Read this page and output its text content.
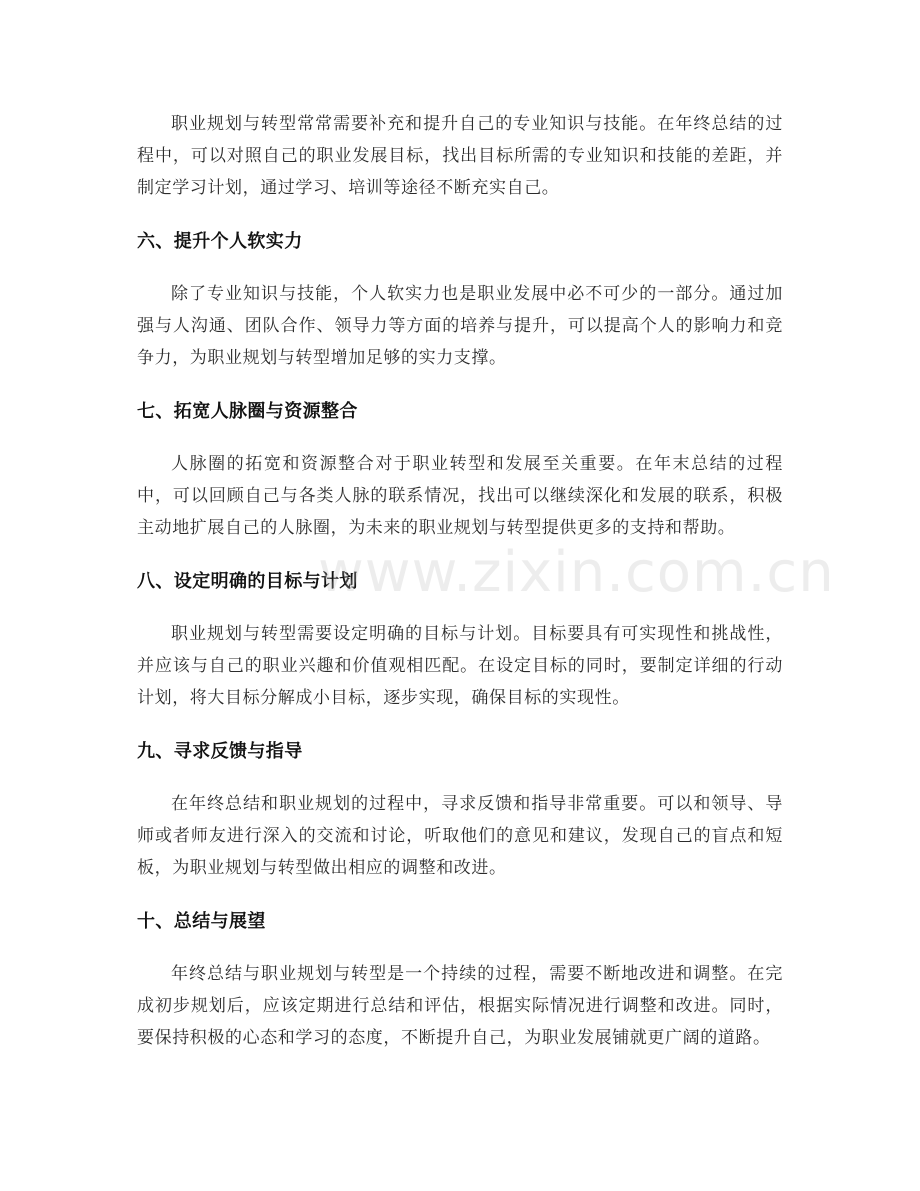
职业规划与转型常常需要补充和提升自己的专业知识与技能。在年终总结的过程中，可以对照自己的职业发展目标，找出目标所需的专业知识和技能的差距，并制定学习计划，通过学习、培训等途径不断充实自己。

六、提升个人软实力

除了专业知识与技能，个人软实力也是职业发展中必不可少的一部分。通过加强与人沟通、团队合作、领导力等方面的培养与提升，可以提高个人的影响力和竞争力，为职业规划与转型增加足够的实力支撑。

七、拓宽人脉圈与资源整合

人脉圈的拓宽和资源整合对于职业转型和发展至关重要。在年末总结的过程中，可以回顾自己与各类人脉的联系情况，找出可以继续深化和发展的联系，积极主动地扩展自己的人脉圈，为未来的职业规划与转型提供更多的支持和帮助。

八、设定明确的目标与计划

职业规划与转型需要设定明确的目标与计划。目标要具有可实现性和挑战性，并应该与自己的职业兴趣和价值观相匹配。在设定目标的同时，要制定详细的行动计划，将大目标分解成小目标，逐步实现，确保目标的实现性。

九、寻求反馈与指导

在年终总结和职业规划的过程中，寻求反馈和指导非常重要。可以和领导、导师或者师友进行深入的交流和讨论，听取他们的意见和建议，发现自己的盲点和短板，为职业规划与转型做出相应的调整和改进。

十、总结与展望

年终总结与职业规划与转型是一个持续的过程，需要不断地改进和调整。在完成初步规划后，应该定期进行总结和评估，根据实际情况进行调整和改进。同时，要保持积极的心态和学习的态度，不断提升自己，为职业发展铺就更广阔的道路。

www.zixin.com.cn
